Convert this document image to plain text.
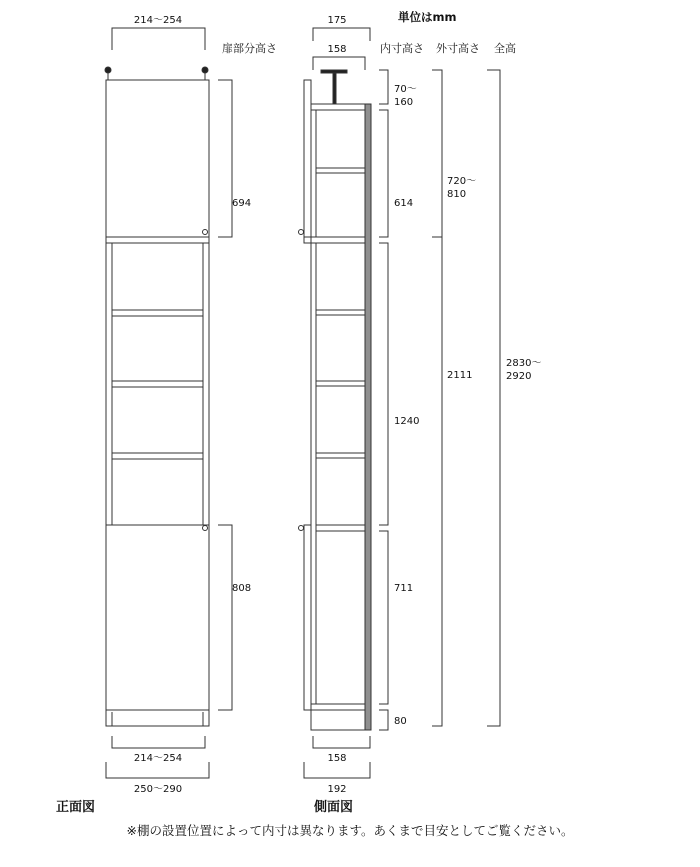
単位はmm
扉部分高さ	内寸高さ 外寸高さ 全高
214〜254
694
808
214〜254
250〜290
175
158
70〜 160
614
1240
711
80
720〜 810
2111
2830〜 2920
158
192
正面図	側面図
※棚の設置位置によって内寸は異なります。あくまで目安としてご覧ください。
